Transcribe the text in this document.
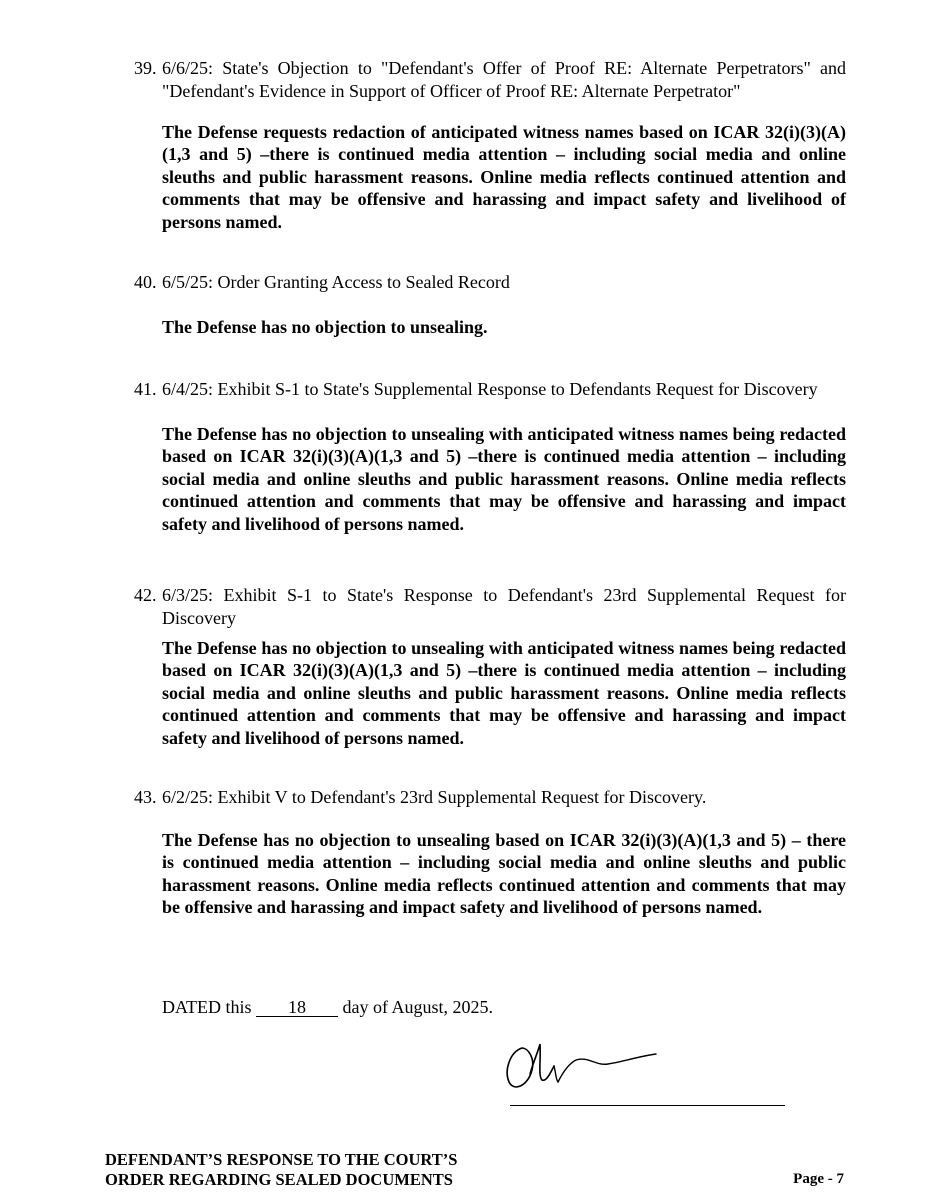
39. 6/6/25: State's Objection to "Defendant's Offer of Proof RE: Alternate Perpetrators" and "Defendant's Evidence in Support of Officer of Proof RE: Alternate Perpetrator"
The Defense requests redaction of anticipated witness names based on ICAR 32(i)(3)(A)(1,3 and 5) –there is continued media attention – including social media and online sleuths and public harassment reasons. Online media reflects continued attention and comments that may be offensive and harassing and impact safety and livelihood of persons named.
40. 6/5/25: Order Granting Access to Sealed Record
The Defense has no objection to unsealing.
41. 6/4/25: Exhibit S-1 to State's Supplemental Response to Defendants Request for Discovery
The Defense has no objection to unsealing with anticipated witness names being redacted based on ICAR 32(i)(3)(A)(1,3 and 5) –there is continued media attention – including social media and online sleuths and public harassment reasons. Online media reflects continued attention and comments that may be offensive and harassing and impact safety and livelihood of persons named.
42. 6/3/25: Exhibit S-1 to State's Response to Defendant's 23rd Supplemental Request for Discovery
The Defense has no objection to unsealing with anticipated witness names being redacted based on ICAR 32(i)(3)(A)(1,3 and 5) –there is continued media attention – including social media and online sleuths and public harassment reasons. Online media reflects continued attention and comments that may be offensive and harassing and impact safety and livelihood of persons named.
43. 6/2/25: Exhibit V to Defendant's 23rd Supplemental Request for Discovery.
The Defense has no objection to unsealing based on ICAR 32(i)(3)(A)(1,3 and 5) – there is continued media attention – including social media and online sleuths and public harassment reasons. Online media reflects continued attention and comments that may be offensive and harassing and impact safety and livelihood of persons named.
DATED this 18 day of August, 2025.
DEFENDANT’S RESPONSE TO THE COURT’S
ORDER REGARDING SEALED DOCUMENTS	Page - 7
